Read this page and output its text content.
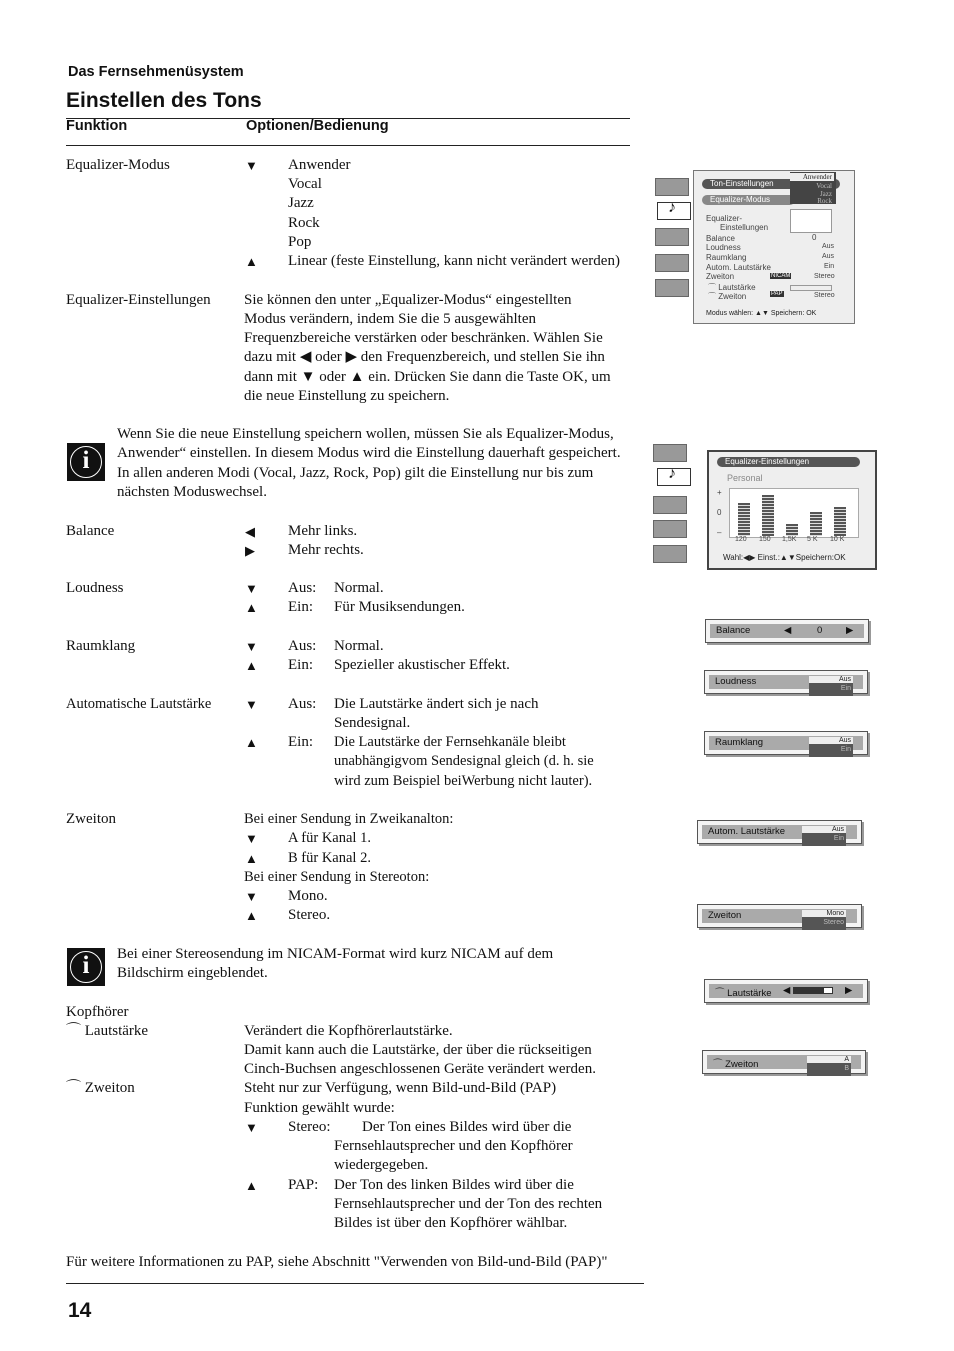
Das Fernsehmenüsystem
Einstellen des Tons
Funktion	Optionen/Bedienung
Equalizer-Modus	▼ Anwender
Vocal
Jazz
Rock
Pop
▲ Linear (feste Einstellung, kann nicht verändert werden)
Equalizer-Einstellungen Sie können den unter „Equalizer-Modus“ eingestellten
Modus verändern, indem Sie die 5 ausgewählten
Frequenzbereiche verstärken oder beschränken. Wählen Sie
dazu mit ◀ oder ▶ den Frequenzbereich, und stellen Sie ihn
dann mit ▼ oder ▲ ein. Drücken Sie dann die Taste OK, um
die neue Einstellung zu speichern.
i
Wenn Sie die neue Einstellung speichern wollen, müssen Sie als Equalizer-Modus,
Anwender“ einstellen. In diesem Modus wird die Einstellung dauerhaft gespeichert.
In allen anderen Modi (Vocal, Jazz, Rock, Pop) gilt die Einstellung nur bis zum
nächsten Moduswechsel.
Balance	◀ Mehr links.
▶ Mehr rechts.
Loudness	▼ Aus: Normal.
▲ Ein: Für Musiksendungen.
Raumklang	▼ Aus: Normal.
▲ Ein: Spezieller akustischer Effekt.
Automatische Lautstärke	▼ Aus: Die Lautstärke ändert sich je nach
Sendesignal.
▲ Ein: Die Lautstärke der Fernsehkanäle bleibt
unabhängigvom Sendesignal gleich (d. h. sie
wird zum Beispiel beiWerbung nicht lauter).
Zweiton	Bei einer Sendung in Zweikanalton:
▼ A für Kanal 1.
▲ B für Kanal 2.
Bei einer Sendung in Stereoton:
▼ Mono.
▲ Stereo.
i	Bei einer Stereosendung im NICAM-Format wird kurz NICAM auf dem
Bildschirm eingeblendet.
Kopfhörer
⌒ Lautstärke	Verändert die Kopfhörerlautstärke.
Damit kann auch die Lautstärke, der über die rückseitigen
Cinch-Buchsen angeschlossenen Geräte verändert werden.
⌒ Zweiton	Steht nur zur Verfügung, wenn Bild-und-Bild (PAP)
Funktion gewählt wurde:
▼ Stereo: Der Ton eines Bildes wird über die
Fernsehlautsprecher und den Kopfhörer
wiedergegeben.
▲ PAP: Der Ton des linken Bildes wird über die
Fernsehlautsprecher und der Ton des rechten
Bildes ist über den Kopfhörer wählbar.
Für weitere Informationen zu PAP, siehe Abschnitt "Verwenden von Bild-und-Bild (PAP)"
14
♪
Ton-Einstellungen
Equalizer-Modus
Anwender
Vocal
Jazz
Rock
Equalizer-
Einstellungen
Balance
Loudness
Raumklang
Autom. Lautstärke
Zweiton
⌒ Lautstärke
⌒ Zweiton
0
Aus
Aus
Ein
NICAM	Stereo
PAP	Stereo
Modus wählen: ▲▼ Speichern: OK
♪
Equalizer-Einstellungen
Personal
+
0
–
120 150 1,5K 5 K 10 K
Wahl:◀▶ Einst.:▲▼Speichern:OK
Balance	◀	0 ▶
Loudness	Aus
Ein
Raumklang	Aus
Ein
Autom. Lautstärke	Aus
Ein
Zweiton	Mono
Stereo
⌒ Lautstärke ◀	▶
⌒ Zweiton	A
B
